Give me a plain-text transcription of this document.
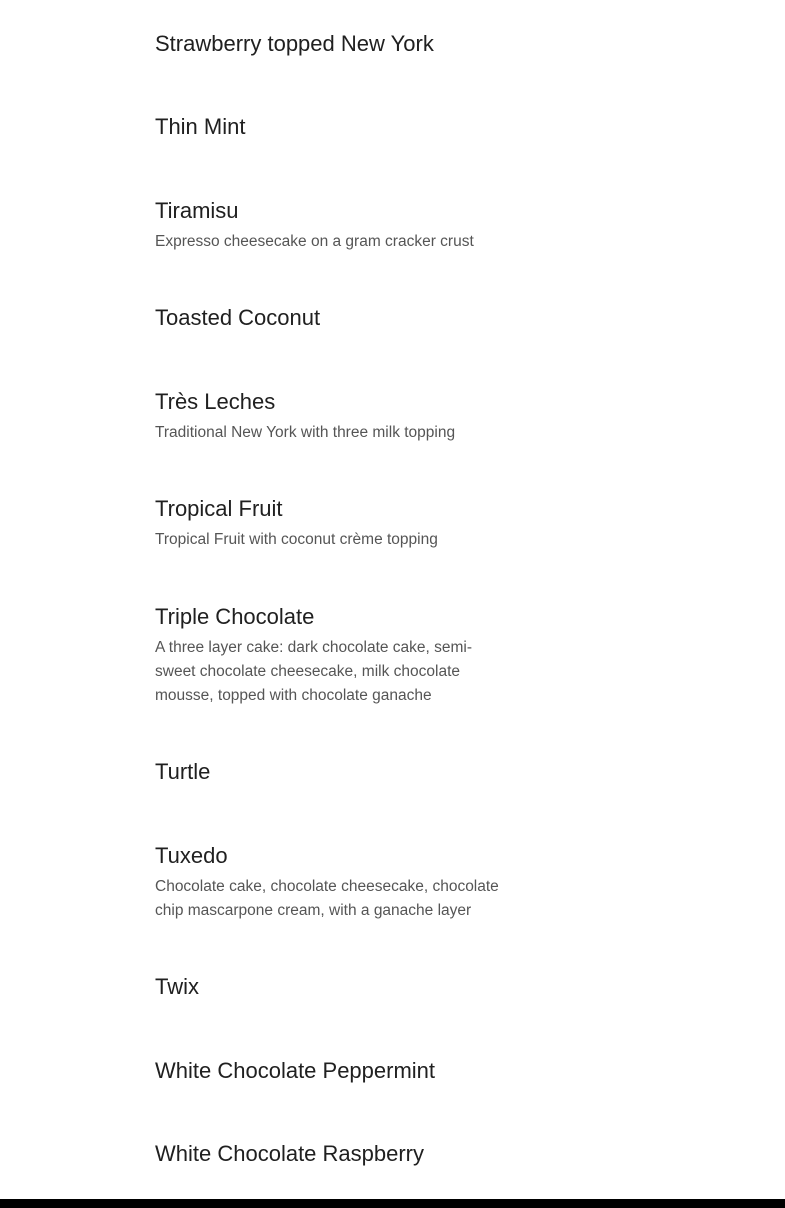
Strawberry topped New York
Thin Mint
Tiramisu

Expresso cheesecake on a gram cracker crust

Toasted Coconut
Très Leches

Traditional New York with three milk topping

Tropical Fruit

Tropical Fruit with coconut crème topping

Triple Chocolate

A three layer cake: dark chocolate cake, semi-sweet chocolate cheesecake, milk chocolate mousse, topped with chocolate ganache

Turtle
Tuxedo

Chocolate cake, chocolate cheesecake, chocolate chip mascarpone cream, with a ganache layer

Twix
White Chocolate Peppermint
White Chocolate Raspberry
